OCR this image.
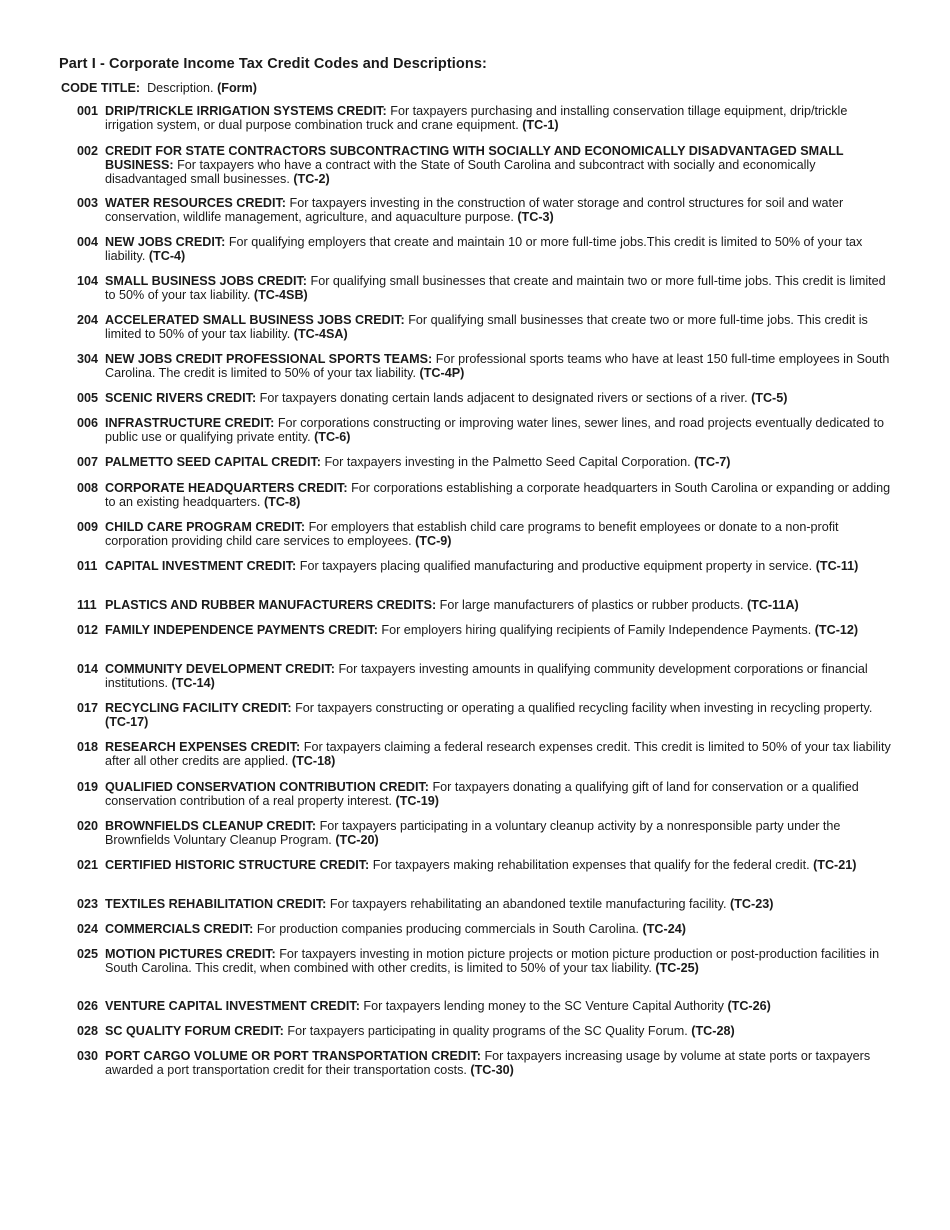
Part I - Corporate Income Tax Credit Codes and Descriptions:

CODE TITLE: Description. (Form)

001 DRIP/TRICKLE IRRIGATION SYSTEMS CREDIT: For taxpayers purchasing and installing conservation tillage equipment, drip/trickle irrigation system, or dual purpose combination truck and crane equipment. (TC-1)
002 CREDIT FOR STATE CONTRACTORS SUBCONTRACTING WITH SOCIALLY AND ECONOMICALLY DISADVANTAGED SMALL BUSINESS: For taxpayers who have a contract with the State of South Carolina and subcontract with socially and economically disadvantaged small businesses. (TC-2)
003 WATER RESOURCES CREDIT: For taxpayers investing in the construction of water storage and control structures for soil and water conservation, wildlife management, agriculture, and aquaculture purpose. (TC-3)
004 NEW JOBS CREDIT: For qualifying employers that create and maintain 10 or more full-time jobs.This credit is limited to 50% of your tax liability. (TC-4)
104 SMALL BUSINESS JOBS CREDIT: For qualifying small businesses that create and maintain two or more full-time jobs. This credit is limited to 50% of your tax liability. (TC-4SB)
204 ACCELERATED SMALL BUSINESS JOBS CREDIT: For qualifying small businesses that create two or more full-time jobs. This credit is limited to 50% of your tax liability. (TC-4SA)
304 NEW JOBS CREDIT PROFESSIONAL SPORTS TEAMS: For professional sports teams who have at least 150 full-time employees in South Carolina. The credit is limited to 50% of your tax liability. (TC-4P)
005 SCENIC RIVERS CREDIT: For taxpayers donating certain lands adjacent to designated rivers or sections of a river. (TC-5)
006 INFRASTRUCTURE CREDIT: For corporations constructing or improving water lines, sewer lines, and road projects eventually dedicated to public use or qualifying private entity. (TC-6)
007 PALMETTO SEED CAPITAL CREDIT: For taxpayers investing in the Palmetto Seed Capital Corporation. (TC-7)
008 CORPORATE HEADQUARTERS CREDIT: For corporations establishing a corporate headquarters in South Carolina or expanding or adding to an existing headquarters. (TC-8)
009 CHILD CARE PROGRAM CREDIT: For employers that establish child care programs to benefit employees or donate to a non-profit corporation providing child care services to employees. (TC-9)
011 CAPITAL INVESTMENT CREDIT: For taxpayers placing qualified manufacturing and productive equipment property in service. (TC-11)
111 PLASTICS AND RUBBER MANUFACTURERS CREDITS: For large manufacturers of plastics or rubber products. (TC-11A)
012 FAMILY INDEPENDENCE PAYMENTS CREDIT: For employers hiring qualifying recipients of Family Independence Payments. (TC-12)
014 COMMUNITY DEVELOPMENT CREDIT: For taxpayers investing amounts in qualifying community development corporations or financial institutions. (TC-14)
017 RECYCLING FACILITY CREDIT: For taxpayers constructing or operating a qualified recycling facility when investing in recycling property. (TC-17)
018 RESEARCH EXPENSES CREDIT: For taxpayers claiming a federal research expenses credit. This credit is limited to 50% of your tax liability after all other credits are applied. (TC-18)
019 QUALIFIED CONSERVATION CONTRIBUTION CREDIT: For taxpayers donating a qualifying gift of land for conservation or a qualified conservation contribution of a real property interest. (TC-19)
020 BROWNFIELDS CLEANUP CREDIT: For taxpayers participating in a voluntary cleanup activity by a nonresponsible party under the Brownfields Voluntary Cleanup Program. (TC-20)
021 CERTIFIED HISTORIC STRUCTURE CREDIT: For taxpayers making rehabilitation expenses that qualify for the federal credit. (TC-21)
023 TEXTILES REHABILITATION CREDIT: For taxpayers rehabilitating an abandoned textile manufacturing facility. (TC-23)
024 COMMERCIALS CREDIT: For production companies producing commercials in South Carolina. (TC-24)
025 MOTION PICTURES CREDIT: For taxpayers investing in motion picture projects or motion picture production or post-production facilities in South Carolina. This credit, when combined with other credits, is limited to 50% of your tax liability. (TC-25)
026 VENTURE CAPITAL INVESTMENT CREDIT: For taxpayers lending money to the SC Venture Capital Authority (TC-26)
028 SC QUALITY FORUM CREDIT: For taxpayers participating in quality programs of the SC Quality Forum. (TC-28)
030 PORT CARGO VOLUME OR PORT TRANSPORTATION CREDIT: For taxpayers increasing usage by volume at state ports or taxpayers awarded a port transportation credit for their transportation costs. (TC-30)
